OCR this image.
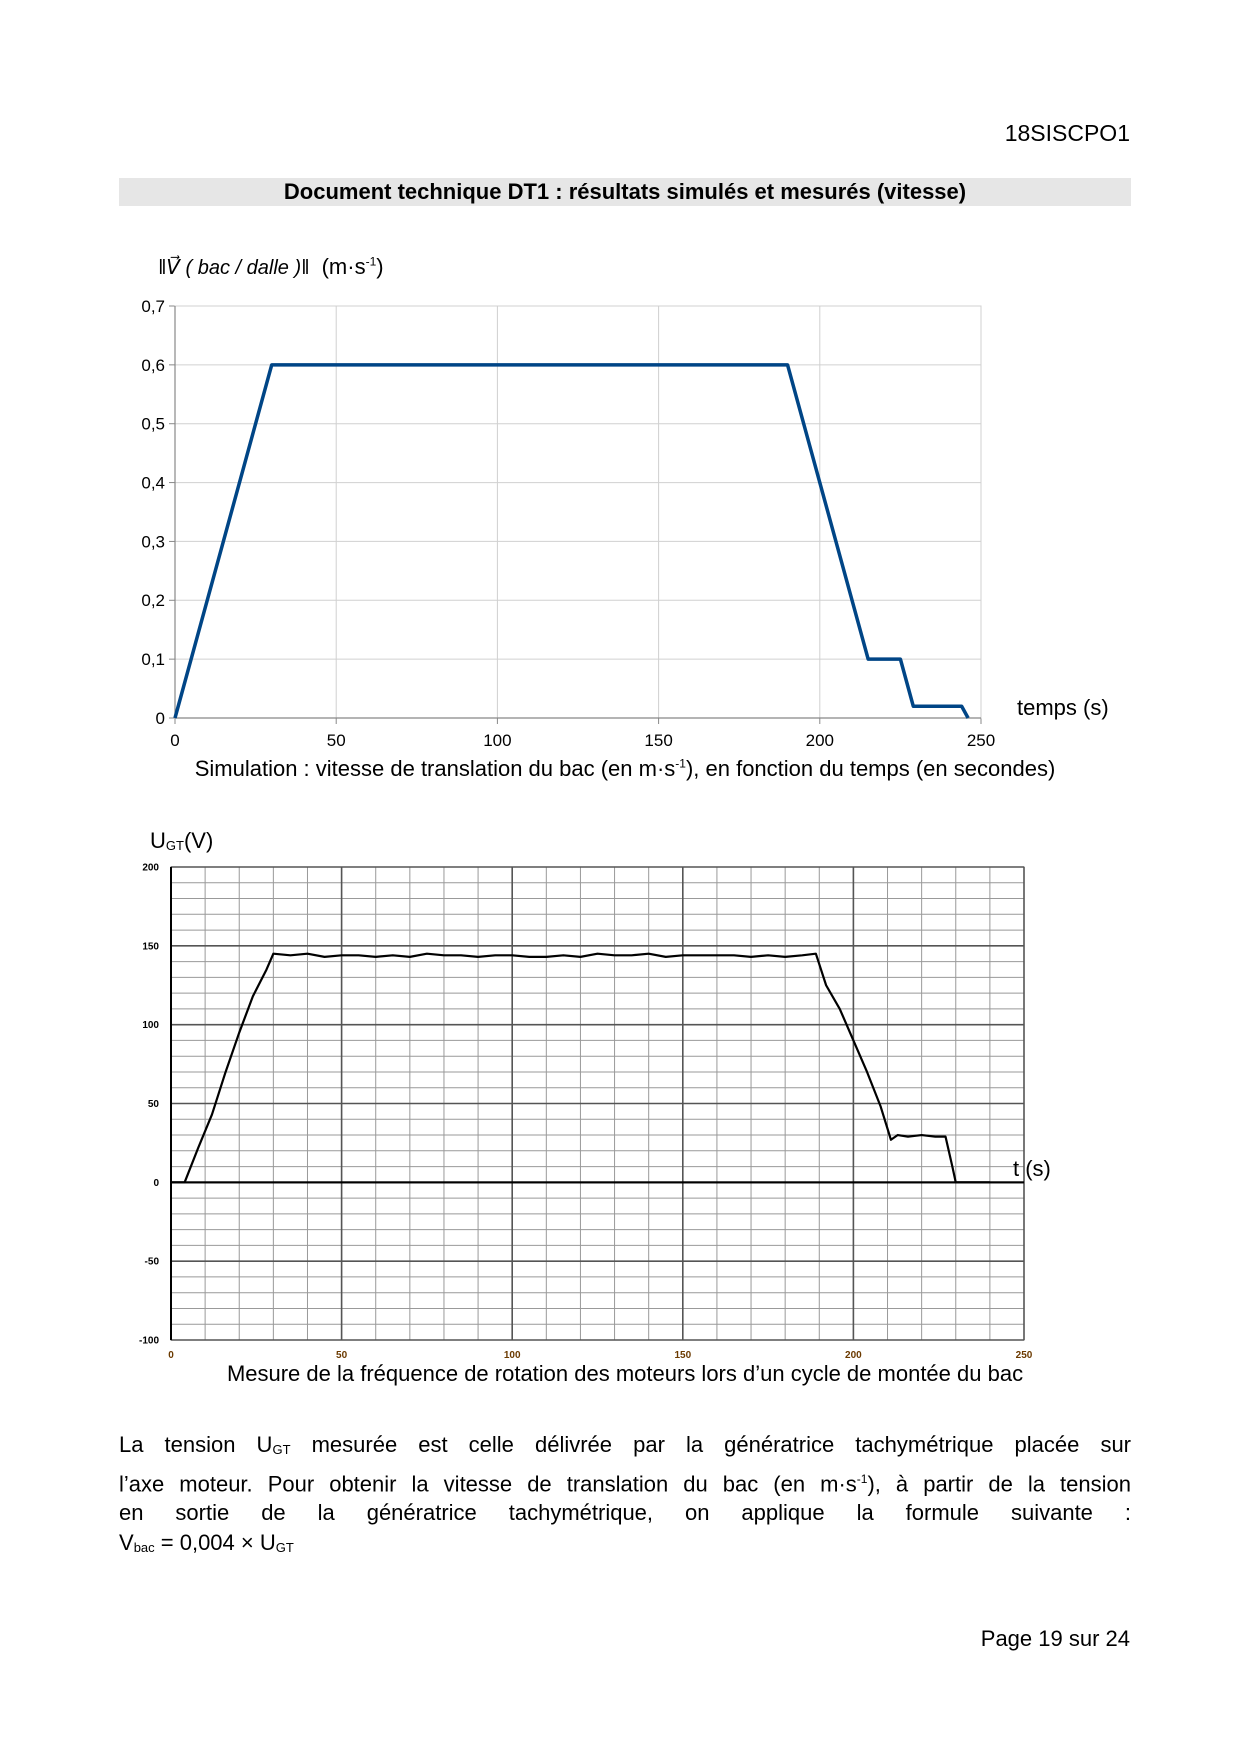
18SISCPO1
Document technique DT1 : résultats simulés et mesurés (vitesse)
‖V⃗ ( bac / dalle )‖ $(m\cdot s^{-1})$
0	50	100	150	200	250
0
0,1
0,2
0,3
0,4
0,5
0,6
0,7
temps (s)
Simulation : vitesse de translation du bac (en $m\cdot s^{-1}$), en fonction du temps (en secondes)
$U_{GT}(V)$
0	50	100	150	200	250
-100
-50
0
50
100
150
200
t (s)
Mesure de la fréquence de rotation des moteurs lors d’un cycle de montée du bac
La tension $U_{GT}$ mesurée est celle délivrée par la génératrice tachymétrique placée sur
l’axe moteur. Pour obtenir la vitesse de translation du bac (en $m\cdot s^{-1}$), à partir de la tension
en sortie de la génératrice tachymétrique, on applique la formule suivante :
$V_{bac} = 0,004 \times U_{GT}$
Page 19 sur 24
